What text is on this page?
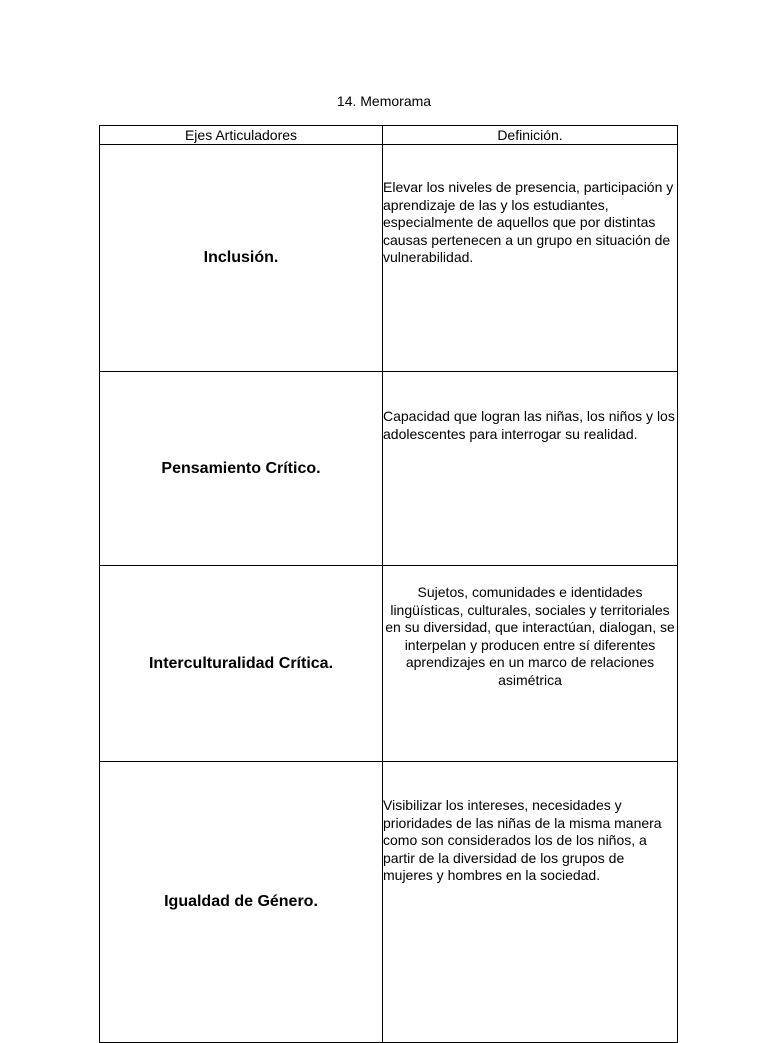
14. Memorama
Ejes Articuladores	Definición.
Inclusión.	Elevar los niveles de presencia, participación y aprendizaje de las y los estudiantes, especialmente de aquellos que por distintas causas pertenecen a un grupo en situación de vulnerabilidad.

Pensamiento Crítico.	Capacidad que logran las niñas, los niños y los adolescentes para interrogar su realidad.

Interculturalidad Crítica.	Sujetos, comunidades e identidades lingüísticas, culturales, sociales y territoriales en su diversidad, que interactúan, dialogan, se interpelan y producen entre sí diferentes aprendizajes en un marco de relaciones asimétrica

Igualdad de Género.	Visibilizar los intereses, necesidades y prioridades de las niñas de la misma manera como son considerados los de los niños, a partir de la diversidad de los grupos de mujeres y hombres en la sociedad.
